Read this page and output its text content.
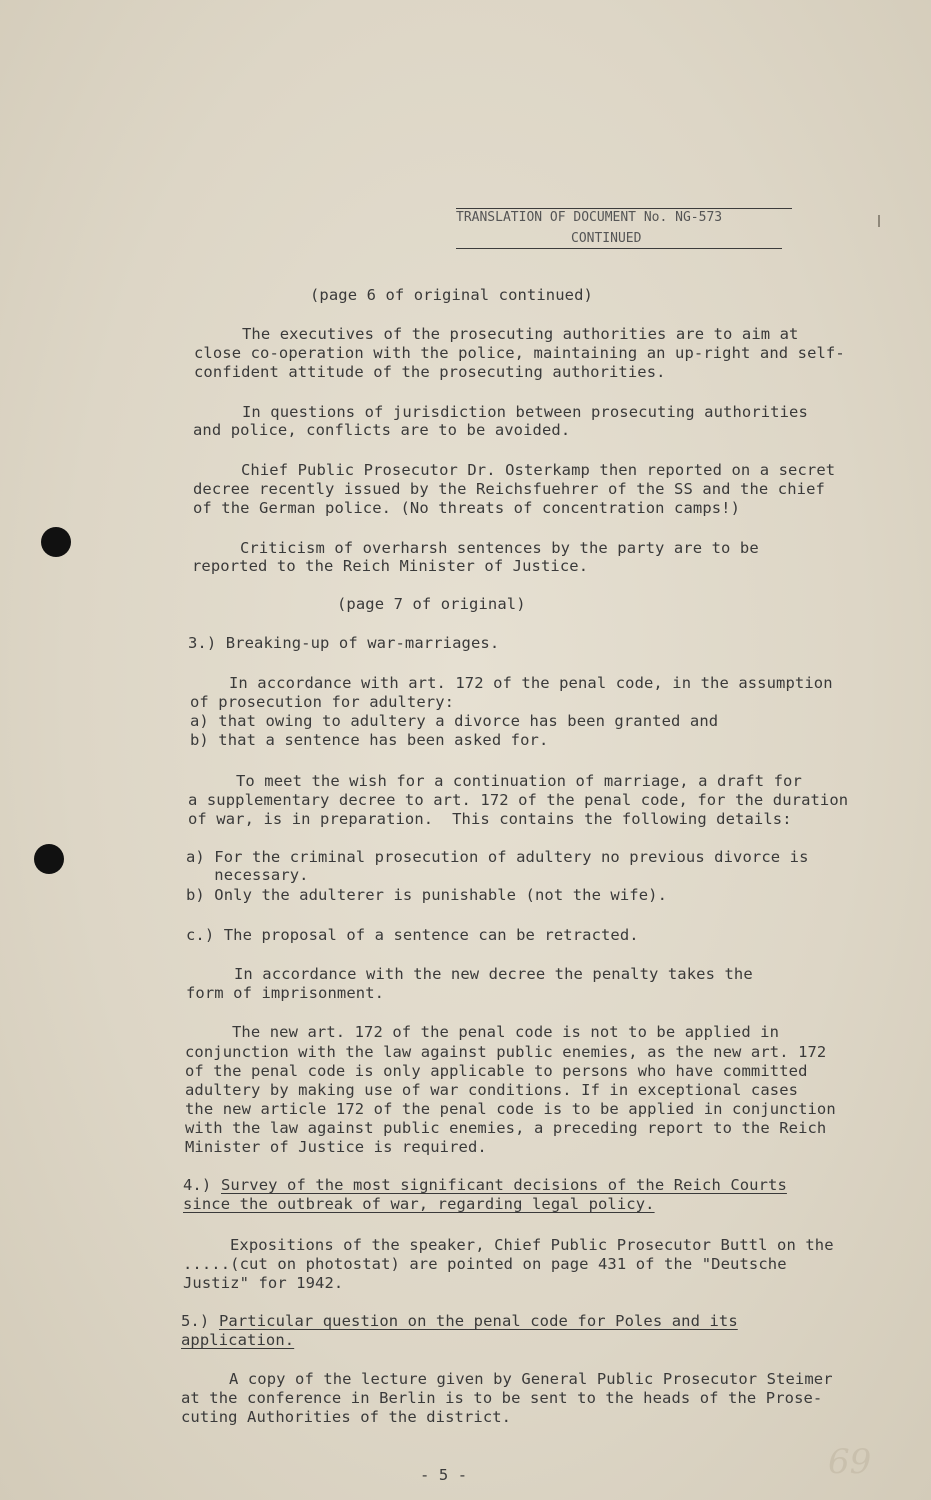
TRANSLATION OF DOCUMENT No. NG-573
CONTINUED
(page 6 of original continued)
The executives of the prosecuting authorities are to aim at
close co-operation with the police, maintaining an up-right and self-
confident attitude of the prosecuting authorities.
In questions of jurisdiction between prosecuting authorities
and police, conflicts are to be avoided.
Chief Public Prosecutor Dr. Osterkamp then reported on a secret
decree recently issued by the Reichsfuehrer of the SS and the chief
of the German police. (No threats of concentration camps!)
Criticism of overharsh sentences by the party are to be
reported to the Reich Minister of Justice.
(page 7 of original)
3.) Breaking-up of war-marriages.
In accordance with art. 172 of the penal code, in the assumption
of prosecution for adultery:
a) that owing to adultery a divorce has been granted and
b) that a sentence has been asked for.
To meet the wish for a continuation of marriage, a draft for
a supplementary decree to art. 172 of the penal code, for the duration
of war, is in preparation.  This contains the following details:
a) For the criminal prosecution of adultery no previous divorce is
necessary.
b) Only the adulterer is punishable (not the wife).
c.) The proposal of a sentence can be retracted.
In accordance with the new decree the penalty takes the
form of imprisonment.
The new art. 172 of the penal code is not to be applied in
conjunction with the law against public enemies, as the new art. 172
of the penal code is only applicable to persons who have committed
adultery by making use of war conditions. If in exceptional cases
the new article 172 of the penal code is to be applied in conjunction
with the law against public enemies, a preceding report to the Reich
Minister of Justice is required.
4.) Survey of the most significant decisions of the Reich Courts
since the outbreak of war, regarding legal policy.
Expositions of the speaker, Chief Public Prosecutor Buttl on the
.....(cut on photostat) are pointed on page 431 of the "Deutsche
Justiz" for 1942.
5.) Particular question on the penal code for Poles and its
application.
A copy of the lecture given by General Public Prosecutor Steimer
at the conference in Berlin is to be sent to the heads of the Prose-
cuting Authorities of the district.
- 5 -	69
